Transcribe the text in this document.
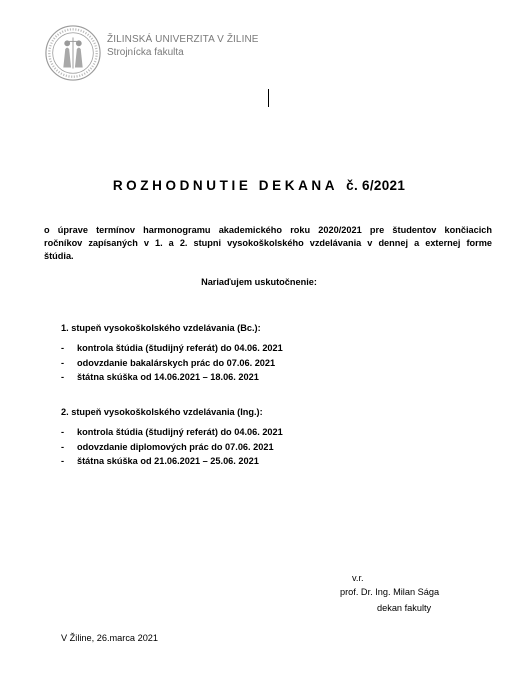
ŽILINSKÁ UNIVERZITA V ŽILINE
Strojnícka fakulta
ROZHODNUTIE DEKANA č. 6/2021
o úprave termínov harmonogramu akademického roku 2020/2021 pre študentov končiacich
ročníkov zapísaných v 1. a 2. stupni vysokoškolského vzdelávania v dennej a externej forme
štúdia.
Nariaďujem uskutočnenie:
1. stupeň vysokoškolského vzdelávania (Bc.):
- kontrola štúdia (študijný referát) do 04.06. 2021
- odovzdanie bakalárskych prác do 07.06. 2021
- štátna skúška od 14.06.2021 – 18.06. 2021
2. stupeň vysokoškolského vzdelávania (Ing.):
- kontrola štúdia (študijný referát) do 04.06. 2021
- odovzdanie diplomových prác do 07.06. 2021
- štátna skúška od 21.06.2021 – 25.06. 2021
v.r.
prof. Dr. Ing. Milan Sága
dekan fakulty
V Žiline, 26.marca 2021
